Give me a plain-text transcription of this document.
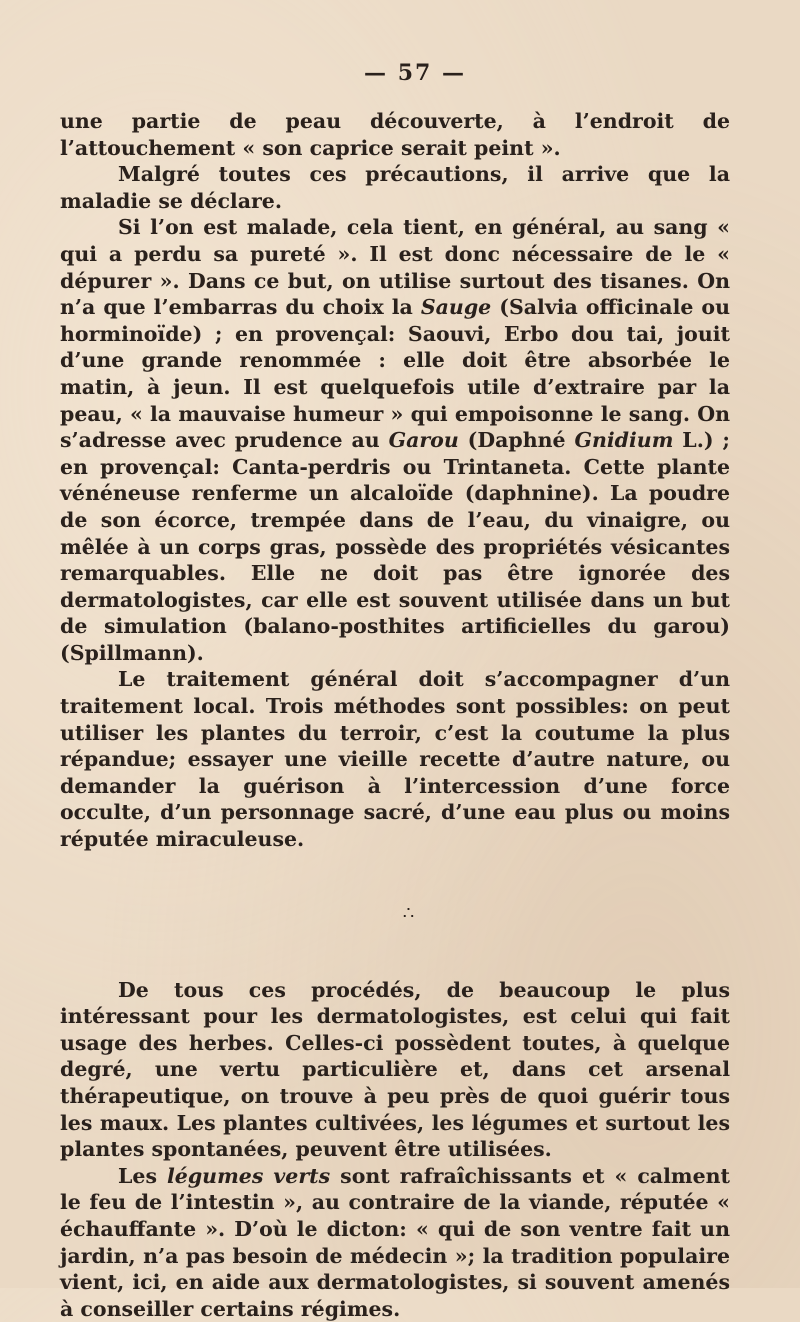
— 57 —

une partie de peau découverte, à l’endroit de l’attouchement « son caprice serait peint ».

Malgré toutes ces précautions, il arrive que la maladie se déclare.

Si l’on est malade, cela tient, en général, au sang « qui a perdu sa pureté ». Il est donc nécessaire de le « dépurer ». Dans ce but, on utilise surtout des tisanes. On n’a que l’embarras du choix la Sauge (Salvia officinale ou horminoïde) ; en provençal: Saouvi, Erbo dou tai, jouit d’une grande renommée : elle doit être absorbée le matin, à jeun. Il est quelquefois utile d’extraire par la peau, « la mauvaise humeur » qui empoisonne le sang. On s’adresse avec prudence au Garou (Daphné Gnidium L.) ; en provençal: Canta-perdris ou Trintaneta. Cette plante vénéneuse renferme un alcaloïde (daphnine). La poudre de son écorce, trempée dans de l’eau, du vinaigre, ou mêlée à un corps gras, possède des propriétés vésicantes remarquables. Elle ne doit pas être ignorée des dermatologistes, car elle est souvent utilisée dans un but de simulation (balano-posthites artificielles du garou) (Spillmann).

Le traitement général doit s’accompagner d’un traitement local. Trois méthodes sont possibles: on peut utiliser les plantes du terroir, c’est la coutume la plus répandue; essayer une vieille recette d’autre nature, ou demander la guérison à l’intercession d’une force occulte, d’un personnage sacré, d’une eau plus ou moins réputée miraculeuse.

∴

De tous ces procédés, de beaucoup le plus intéressant pour les dermatologistes, est celui qui fait usage des herbes. Celles-ci possèdent toutes, à quelque degré, une vertu particulière et, dans cet arsenal thérapeutique, on trouve à peu près de quoi guérir tous les maux. Les plantes cultivées, les légumes et surtout les plantes spontanées, peuvent être utilisées.

Les légumes verts sont rafraîchissants et « calment le feu de l’intestin », au contraire de la viande, réputée « échauffante ». D’où le dicton: « qui de son ventre fait un jardin, n’a pas besoin de médecin »; la tradition populaire vient, ici, en aide aux dermatologistes, si souvent amenés à conseiller certains régimes.
